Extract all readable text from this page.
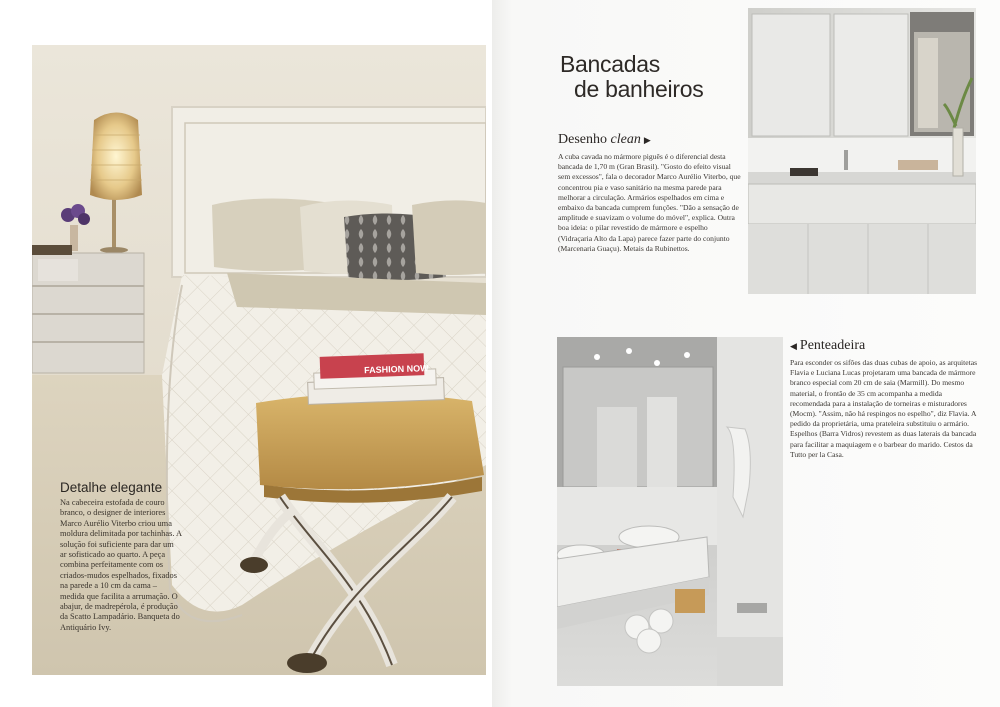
FASHION NOW
Detalhe elegante

Na cabeceira estofada de couro branco, o designer de interiores Marco Aurélio Viterbo criou uma moldura delimitada por tachinhas. A solução foi suficiente para dar um ar sofisticado ao quarto. A peça combina perfeitamente com os criados-mudos espelhados, fixados na parede a 10 cm da cama – medida que facilita a arrumação. O abajur, de madrepérola, é produção da Scatto Lampadário. Banqueta do Antiquário Ivy.

Bancadas
de banheiros
Desenho clean ▶

A cuba cavada no mármore piguês é o diferencial desta bancada de 1,70 m (Gran Brasil). "Gosto do efeito visual sem excessos", fala o decorador Marco Aurélio Viterbo, que concentrou pia e vaso sanitário na mesma parede para melhorar a circulação. Armários espelhados em cima e embaixo da bancada cumprem funções. "Dão a sensação de amplitude e suavizam o volume do móvel", explica. Outra boa ideia: o pilar revestido de mármore e espelho (Vidraçaria Alto da Lapa) parece fazer parte do conjunto (Marcenaria Guaçu). Metais da Rubinettos.

◀ Penteadeira

Para esconder os sifões das duas cubas de apoio, as arquitetas Flavia e Luciana Lucas projetaram uma bancada de mármore branco especial com 20 cm de saia (Marmill). Do mesmo material, o frontão de 35 cm acompanha a medida recomendada para a instalação de torneiras e misturadores (Mocm). "Assim, não há respingos no espelho", diz Flavia. A pedido da proprietária, uma prateleira substituiu o armário. Espelhos (Barra Vidros) revestem as duas laterais da bancada para facilitar a maquiagem e o barbear do marido. Cestos da Tutto per la Casa.
